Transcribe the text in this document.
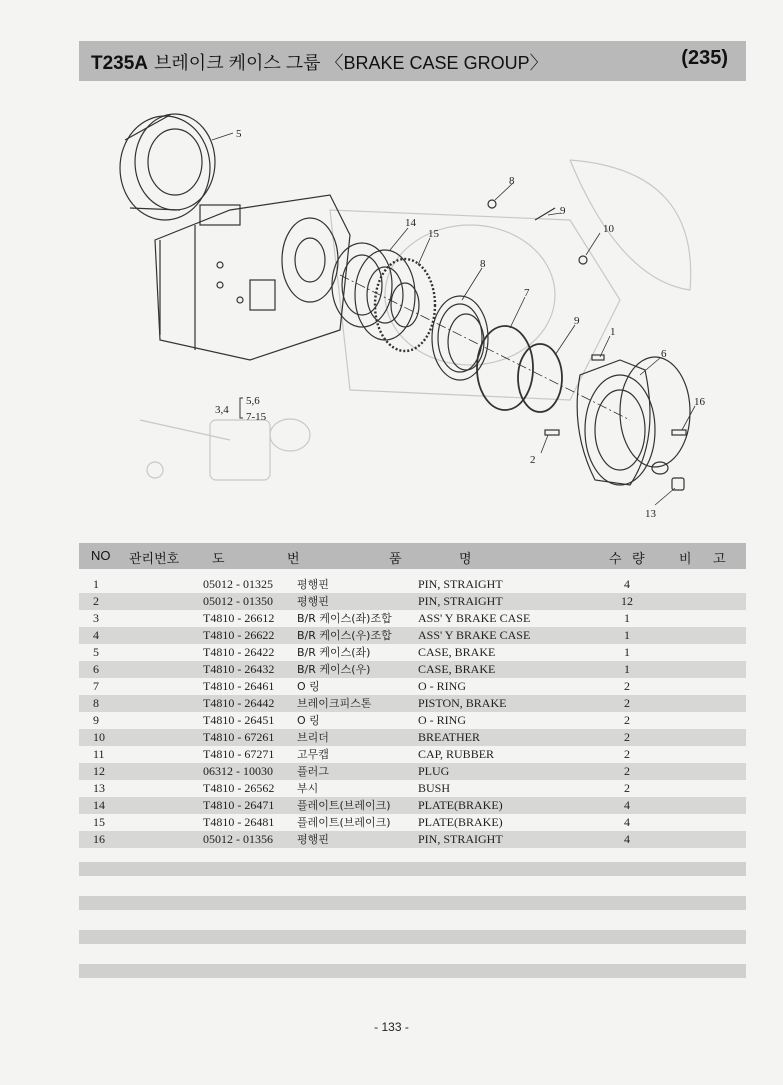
T235A 브레이크 케이스 그룹 〈BRAKE CASE GROUP〉	(235)
5
8
9
10
14
15
8
7
9
1
6
16
2
13
3,4
5,6
7-15
NO 관리번호	도	번	품	명	수 량	비 고
1	05012 - 01325 평행핀	PIN, STRAIGHT	4
2	05012 - 01350 평행핀	PIN, STRAIGHT	12
3	T4810 - 26612 B/R 케이스(좌)조합 ASS' Y BRAKE CASE	1
4	T4810 - 26622 B/R 케이스(우)조합 ASS' Y BRAKE CASE	1
5	T4810 - 26422 B/R 케이스(좌)	CASE, BRAKE	1
6	T4810 - 26432 B/R 케이스(우)	CASE, BRAKE	1
7	T4810 - 26461 O 링	O - RING	2
8	T4810 - 26442 브레이크피스톤	PISTON, BRAKE	2
9	T4810 - 26451 O 링	O - RING	2
10	T4810 - 67261 브리더	BREATHER	2
11	T4810 - 67271 고무캡	CAP, RUBBER	2
12	06312 - 10030 플러그	PLUG	2
13	T4810 - 26562 부시	BUSH	2
14	T4810 - 26471 플레이트(브레이크) PLATE(BRAKE)	4
15	T4810 - 26481 플레이트(브레이크) PLATE(BRAKE)	4
16	05012 - 01356 평행핀	PIN, STRAIGHT	4
- 133 -
